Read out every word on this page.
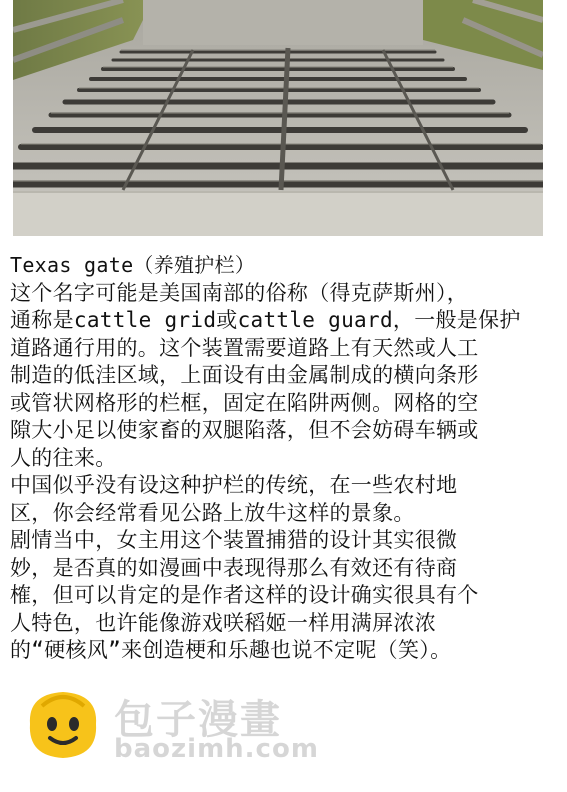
Texas gate（养殖护栏）
这个名字可能是美国南部的俗称（得克萨斯州），
通称是cattle grid或cattle guard，一般是保护
道路通行用的。这个装置需要道路上有天然或人工
制造的低洼区域，上面设有由金属制成的横向条形
或管状网格形的栏框，固定在陷阱两侧。网格的空
隙大小足以使家畜的双腿陷落，但不会妨碍车辆或
人的往来。
中国似乎没有设这种护栏的传统，在一些农村地
区，你会经常看见公路上放牛这样的景象。
剧情当中，女主用这个装置捕猎的设计其实很微
妙，是否真的如漫画中表现得那么有效还有待商
榷，但可以肯定的是作者这样的设计确实很具有个
人特色，也许能像游戏咲稻姬一样用满屏浓浓
的“硬核风”来创造梗和乐趣也说不定呢（笑）。
包子漫畫
baozimh.com
